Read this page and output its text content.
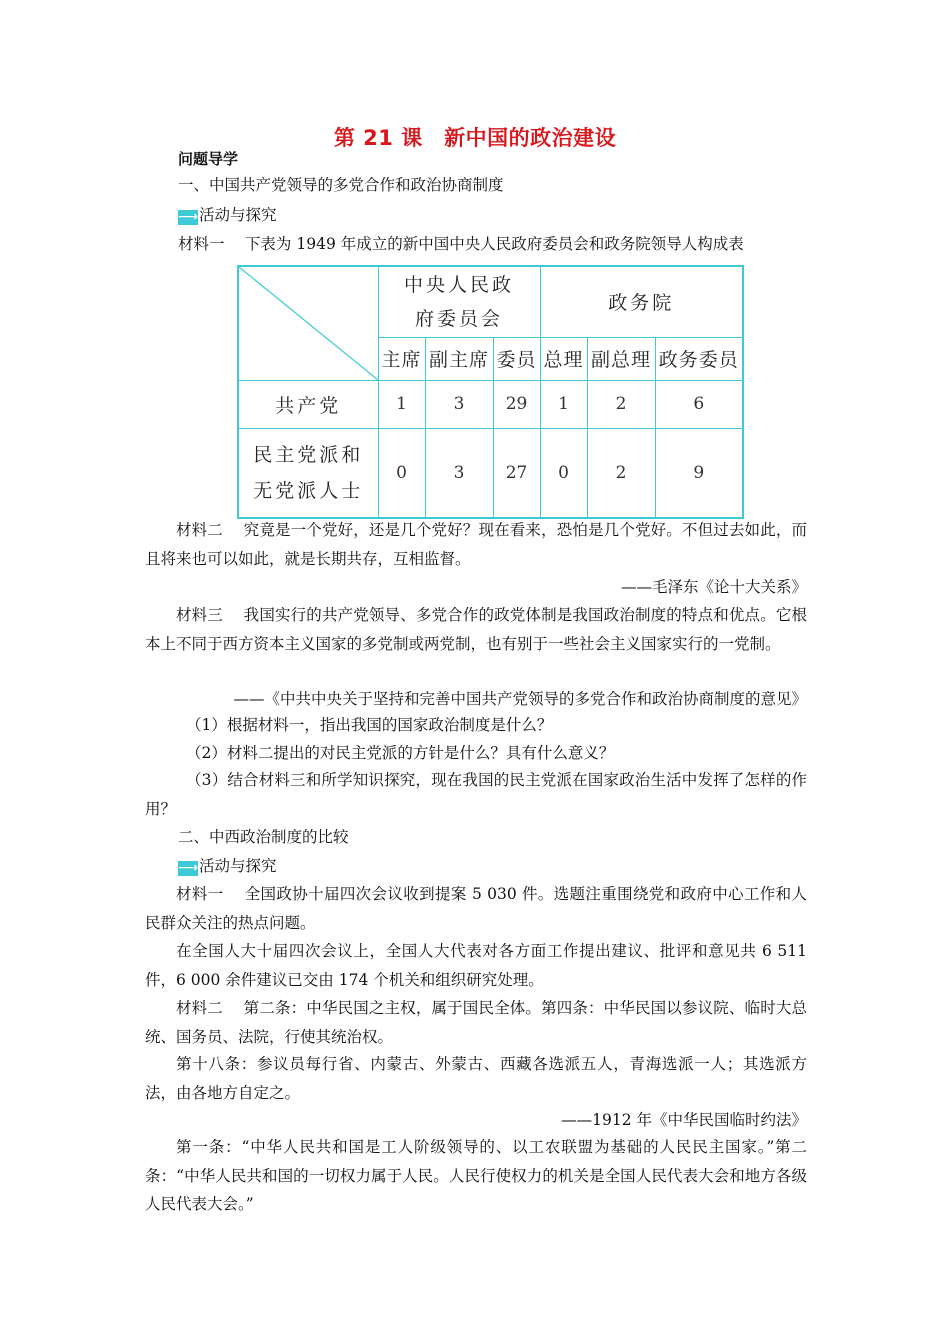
第 21 课　新中国的政治建设
问题导学
一、中国共产党领导的多党合作和政治协商制度
⟶活动与探究
材料一　 下表为 1949 年成立的新中国中央人民政府委员会和政务院领导人构成表
	中央人民政府委员会			政务院		
	主席	副主席	委员	总理	副总理	政务委员
共产党	1	3	29	1	2	6
民主党派和无党派人士	0	3	27	0	2	9
材料二　 究竟是一个党好，还是几个党好？现在看来，恐怕是几个党好。不但过去如此，而且将来也可以如此，就是长期共存，互相监督。
——毛泽东《论十大关系》
材料三　 我国实行的共产党领导、多党合作的政党体制是我国政治制度的特点和优点。它根本上不同于西方资本主义国家的多党制或两党制，也有别于一些社会主义国家实行的一党制。
——《中共中央关于坚持和完善中国共产党领导的多党合作和政治协商制度的意见》
（1）根据材料一，指出我国的国家政治制度是什么？
（2）材料二提出的对民主党派的方针是什么？具有什么意义？
（3）结合材料三和所学知识探究，现在我国的民主党派在国家政治生活中发挥了怎样的作用？
二、中西政治制度的比较
⟶活动与探究
材料一　 全国政协十届四次会议收到提案 5 030 件。选题注重围绕党和政府中心工作和人民群众关注的热点问题。
在全国人大十届四次会议上，全国人大代表对各方面工作提出建议、批评和意见共 6 511 件，6 000 余件建议已交由 174 个机关和组织研究处理。
材料二　 第二条：中华民国之主权，属于国民全体。第四条：中华民国以参议院、临时大总统、国务员、法院，行使其统治权。
第十八条：参议员每行省、内蒙古、外蒙古、西藏各选派五人，青海选派一人；其选派方法，由各地方自定之。
——1912 年《中华民国临时约法》
第一条：“中华人民共和国是工人阶级领导的、以工农联盟为基础的人民民主国家。”第二条：“中华人民共和国的一切权力属于人民。人民行使权力的机关是全国人民代表大会和地方各级人民代表大会。”
